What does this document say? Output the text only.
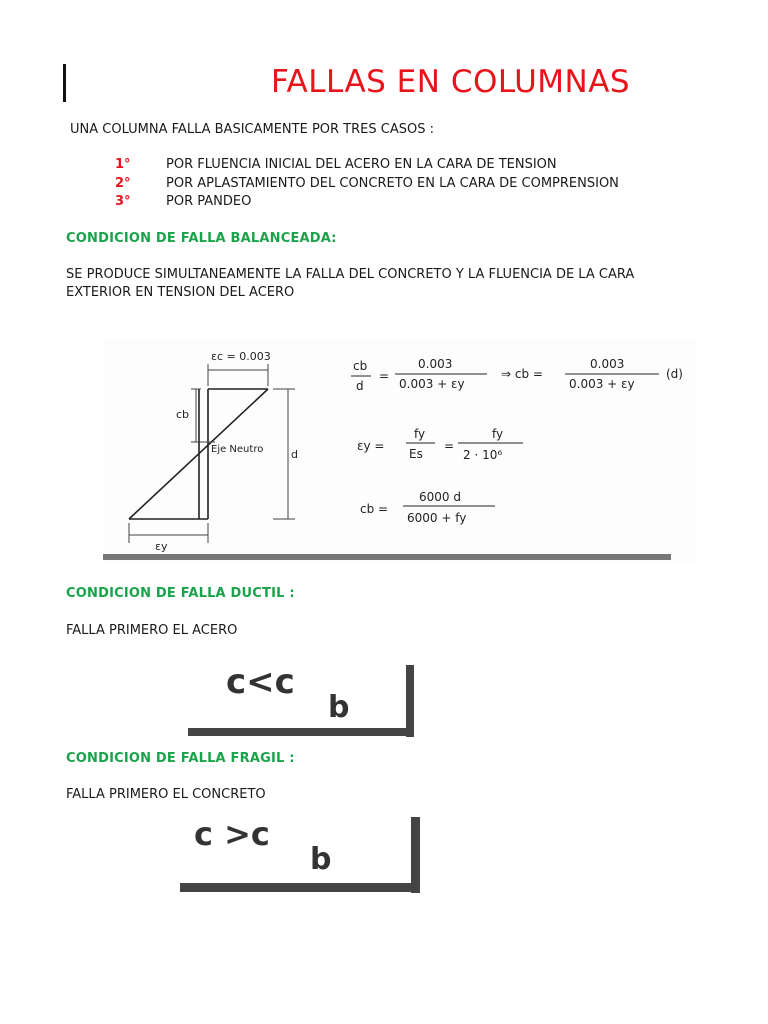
FALLAS EN COLUMNAS
UNA COLUMNA FALLA BASICAMENTE POR TRES CASOS :
1°	POR FLUENCIA INICIAL DEL ACERO EN LA CARA DE TENSION
2°	POR APLASTAMIENTO DEL CONCRETO EN LA CARA DE COMPRENSION
3°	POR PANDEO
CONDICION DE FALLA BALANCEADA:
SE PRODUCE SIMULTANEAMENTE LA FALLA DEL CONCRETO Y LA FLUENCIA DE LA CARA
EXTERIOR EN TENSION DEL ACERO
εc = 0.003
cb
Eje Neutro	d
εy
cb
d
=
0.003
0.003 + εy
⇒ cb =
0.003
0.003 + εy
(d)
εy =
fy
Es
=
fy
2 · 10⁶
cb =
6000 d
6000 + fy
CONDICION DE FALLA DUCTIL :
FALLA PRIMERO EL ACERO
c<c
b
CONDICION DE FALLA FRAGIL :
FALLA PRIMERO EL CONCRETO
c >c
b
